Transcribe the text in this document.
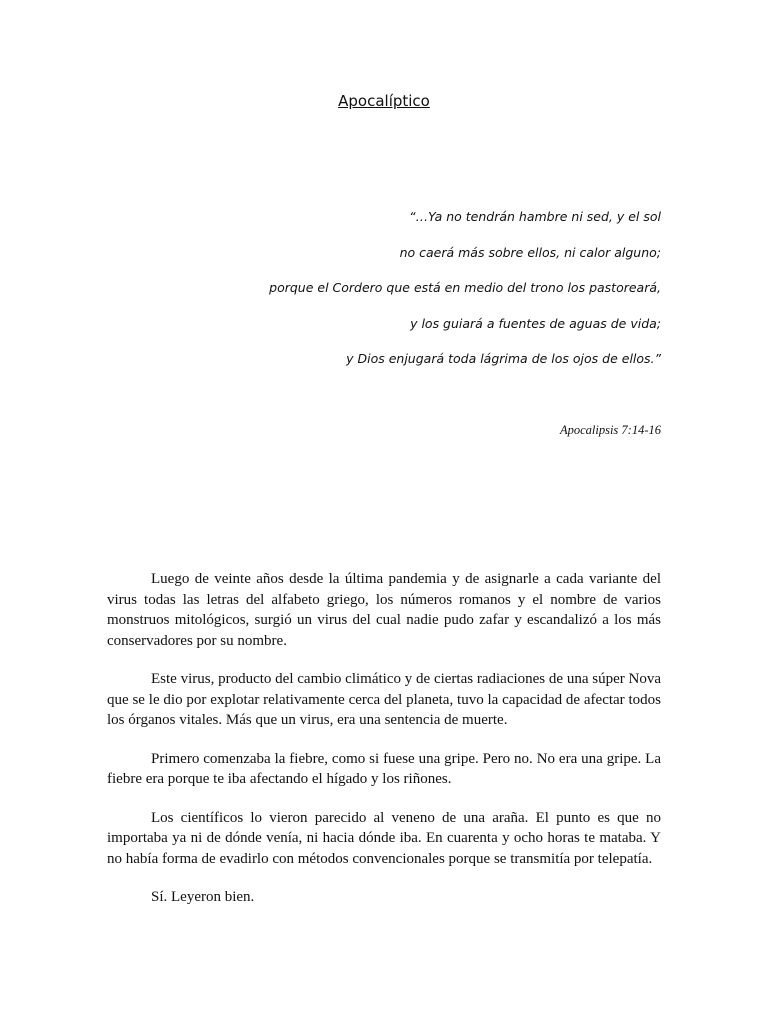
Apocalíptico
“…Ya no tendrán hambre ni sed, y el sol
no caerá más sobre ellos, ni calor alguno;
porque el Cordero que está en medio del trono los pastoreará,
y los guiará a fuentes de aguas de vida;
y Dios enjugará toda lágrima de los ojos de ellos.”
Apocalipsis 7:14-16

Luego de veinte años desde la última pandemia y de asignarle a cada variante del virus todas las letras del alfabeto griego, los números romanos y el nombre de varios monstruos mitológicos, surgió un virus del cual nadie pudo zafar y escandalizó a los más conservadores por su nombre.

Este virus, producto del cambio climático y de ciertas radiaciones de una súper Nova que se le dio por explotar relativamente cerca del planeta, tuvo la capacidad de afectar todos los órganos vitales. Más que un virus, era una sentencia de muerte.

Primero comenzaba la fiebre, como si fuese una gripe. Pero no. No era una gripe. La fiebre era porque te iba afectando el hígado y los riñones.

Los científicos lo vieron parecido al veneno de una araña. El punto es que no importaba ya ni de dónde venía, ni hacia dónde iba. En cuarenta y ocho horas te mataba. Y no había forma de evadirlo con métodos convencionales porque se transmitía por telepatía.

Sí. Leyeron bien.
